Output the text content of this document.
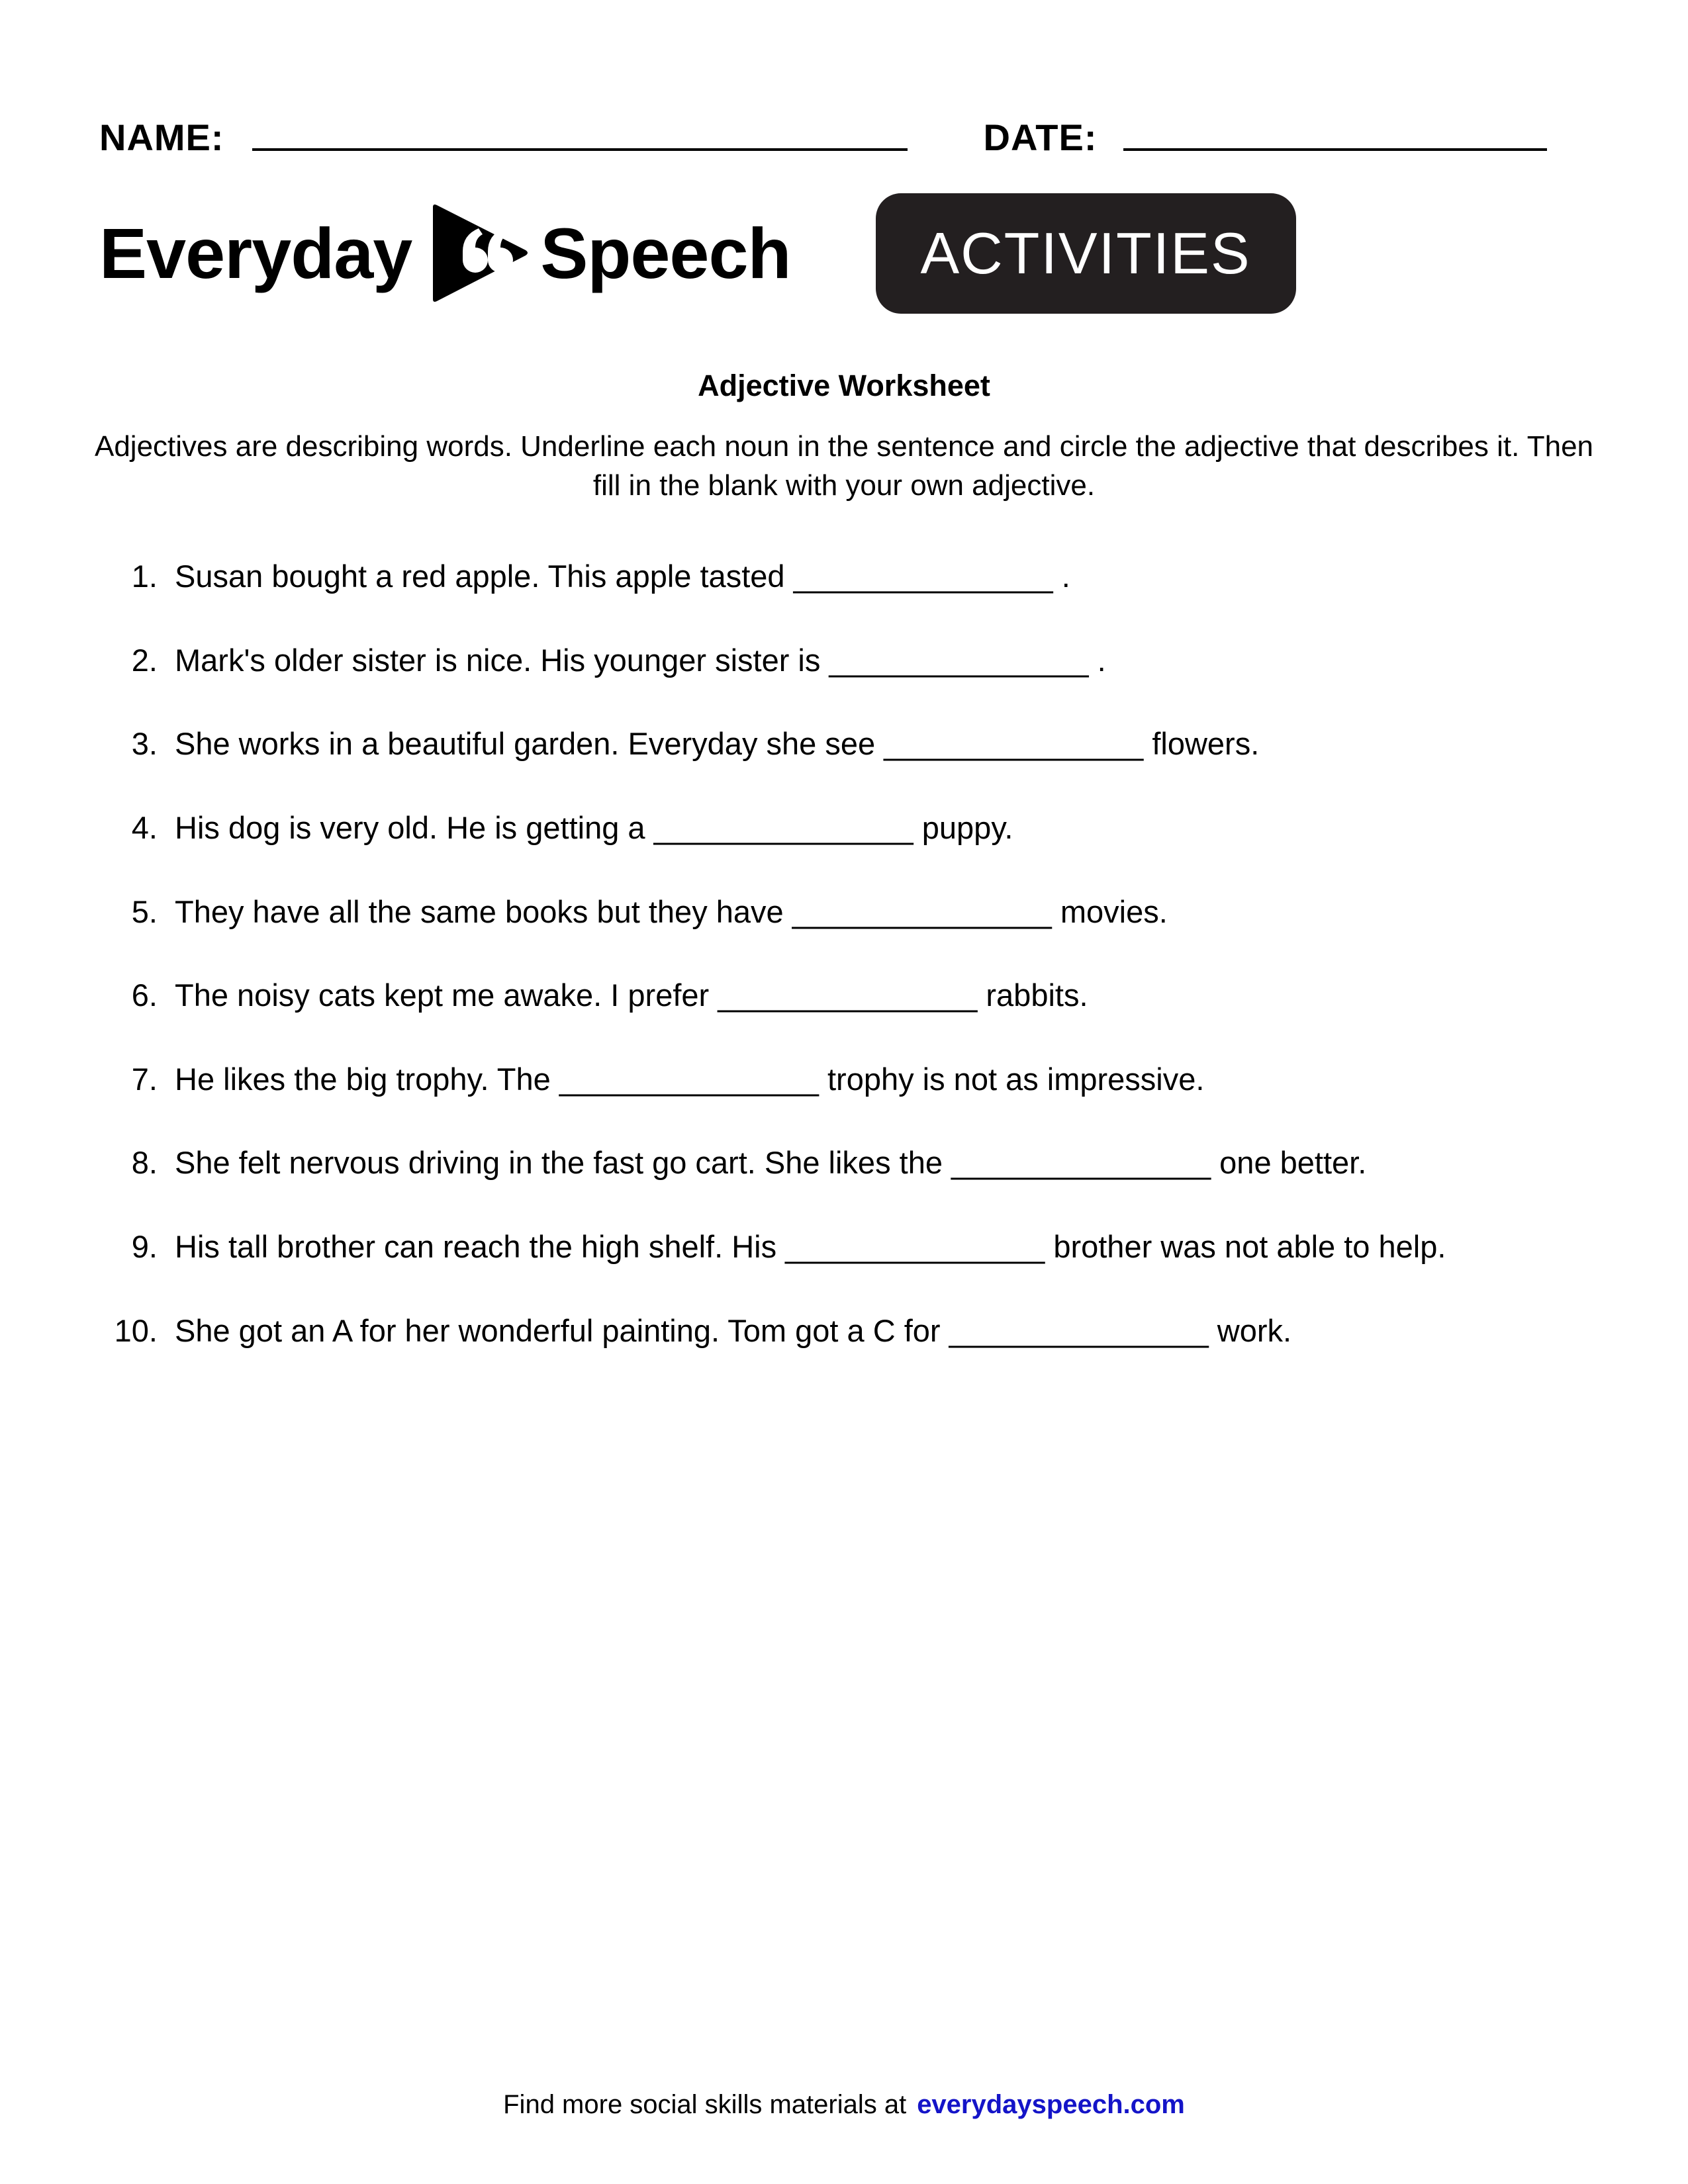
NAME:	DATE:
Everyday Speech ACTIVITIES
Adjective Worksheet
Adjectives are describing words. Underline each noun in the sentence and circle the adjective that describes it. Then fill in the blank with your own adjective.
1. Susan bought a red apple. This apple tasted _______________ .
2. Mark's older sister is nice. His younger sister is _______________ .
3. She works in a beautiful garden. Everyday she see _______________ flowers.
4. His dog is very old. He is getting a _______________ puppy.
5. They have all the same books but they have _______________ movies.
6. The noisy cats kept me awake. I prefer _______________ rabbits.
7. He likes the big trophy. The _______________ trophy is not as impressive.
8. She felt nervous driving in the fast go cart. She likes the _______________ one better.
9. His tall brother can reach the high shelf. His _______________ brother was not able to help.
10. She got an A for her wonderful painting. Tom got a C for _______________ work.
Find more social skills materials at everydayspeech.com
